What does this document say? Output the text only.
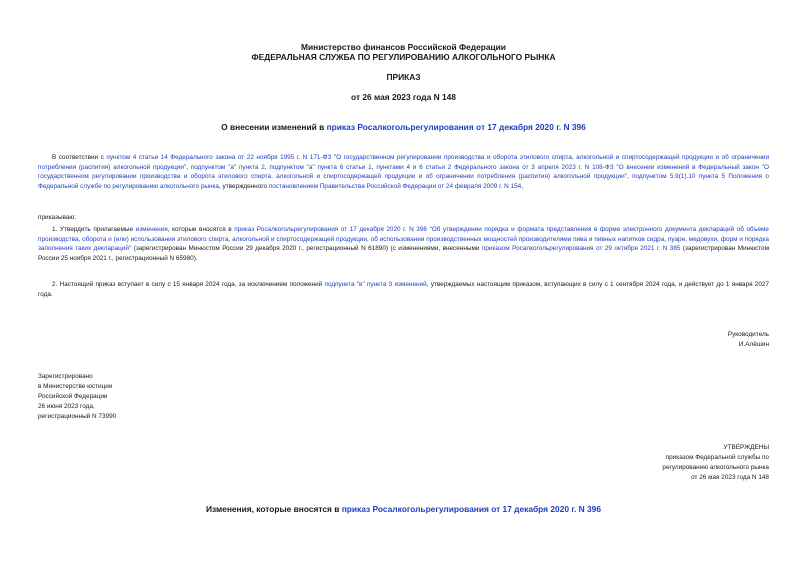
Министерство финансов Российской Федерации
ФЕДЕРАЛЬНАЯ СЛУЖБА ПО РЕГУЛИРОВАНИЮ АЛКОГОЛЬНОГО РЫНКА
ПРИКАЗ
от 26 мая 2023 года N 148
О внесении изменений в приказ Росалкогольрегулирования от 17 декабря 2020 г. N 396
В соответствии с пунктом 4 статьи 14 Федерального закона от 22 ноября 1995 г. N 171-ФЗ "О государственном регулировании производства и оборота этилового спирта, алкогольной и спиртосодержащей продукции и об ограничении потребления (распития) алкогольной продукции", подпунктом "а" пункта 2, подпунктом "а" пункта 6 статьи 1, пунктами 4 и 6 статьи 2 Федерального закона от 3 апреля 2023 г. N 108-ФЗ "О внесении изменений в Федеральный закон "О государственном регулировании производства и оборота этилового спирта, алкогольной и спиртосодержащей продукции и об ограничении потребления (распития) алкогольной продукции", подпунктом 5.9(1).10 пункта 5 Положения о Федеральной службе по регулированию алкогольного рынка, утвержденного постановлением Правительства Российской Федерации от 24 февраля 2009 г. N 154,
приказываю:
1. Утвердить прилагаемые изменения, которые вносятся в приказ Росалкогольрегулирования от 17 декабря 2020 г. N 396 "Об утверждении порядка и формата представления в форме электронного документа деклараций об объеме производства, оборота и (или) использования этилового спирта, алкогольной и спиртосодержащей продукции, об использовании производственных мощностей производителями пива и пивных напитков сидра, пуаре, медовухи, форм и порядка заполнения таких деклараций" (зарегистрирован Минюстом России 29 декабря 2020 г., регистрационный N 61890) (с изменениями, внесенными приказом Росалкогольрегулирования от 29 октября 2021 г. N 385 (зарегистрирован Минюстом России 25 ноября 2021 г., регистрационный N 65980).
2. Настоящий приказ вступает в силу с 15 января 2024 года, за исключением положений подпункта "в" пункта 3 изменений, утверждаемых настоящим приказом, вступающих в силу с 1 сентября 2024 года, и действует до 1 января 2027 года.
Руководитель
И.Алёшин
Зарегистрировано
в Министерстве юстиции
Российской Федерации
26 июня 2023 года,
регистрационный N 73990
УТВЕРЖДЕНЫ
приказом Федеральной службы по
регулированию алкогольного рынка
от 26 мая 2023 года N 148
Изменения, которые вносятся в приказ Росалкогольрегулирования от 17 декабря 2020 г. N 396
